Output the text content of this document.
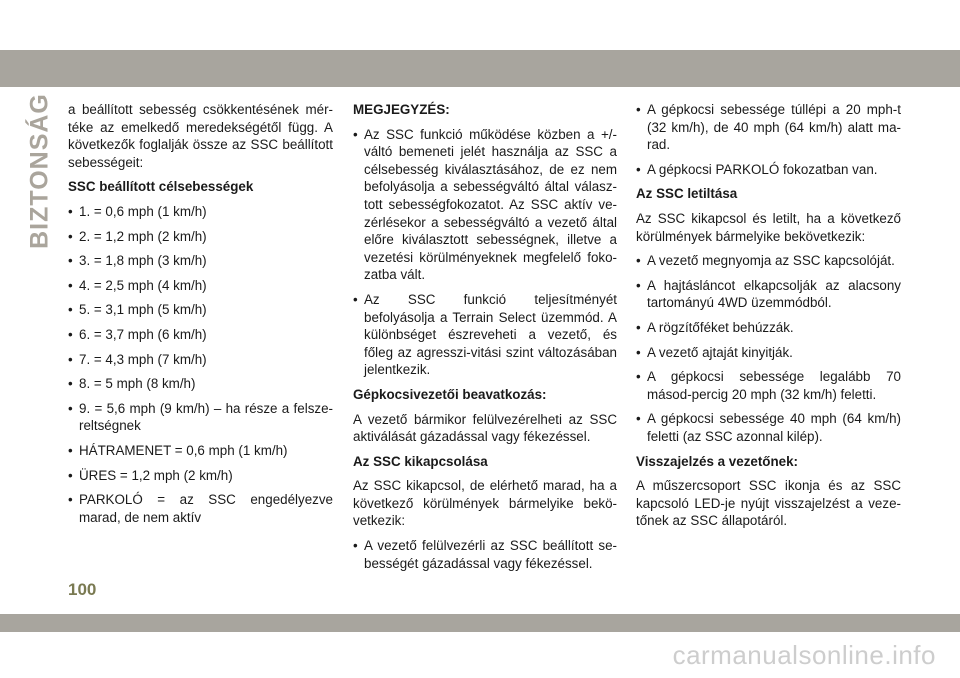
BIZTONSÁG a beállított sebesség csökkentésének mér-téke az emelkedő meredekségétől függ. A következők foglalják össze az SSC beállított sebességeit:

SSC beállított célsebességek

• 1. = 0,6 mph (1 km/h)

• 2. = 1,2 mph (2 km/h)

• 3. = 1,8 mph (3 km/h)

• 4. = 2,5 mph (4 km/h)

• 5. = 3,1 mph (5 km/h)

• 6. = 3,7 mph (6 km/h)

• 7. = 4,3 mph (7 km/h)

• 8. = 5 mph (8 km/h)

• 9. = 5,6 mph (9 km/h) – ha része a felsze-reltségnek

• HÁTRAMENET = 0,6 mph (1 km/h)

• ÜRES = 1,2 mph (2 km/h)

• PARKOLÓ = az SSC engedélyezve marad, de nem aktív

MEGJEGYZÉS:

• Az SSC funkció működése közben a +/- váltó bemeneti jelét használja az SSC a célsebesség kiválasztásához, de ez nem befolyásolja a sebességváltó által válasz-tott sebességfokozatot. Az SSC aktív ve-zérlésekor a sebességváltó a vezető által előre kiválasztott sebességnek, illetve a vezetési körülményeknek megfelelő foko-zatba vált.

• Az SSC funkció teljesítményét befolyásolja a Terrain Select üzemmód. A különbséget észreveheti a vezető, és főleg az agresszi-vitási szint változásában jelentkezik.

Gépkocsivezetői beavatkozás:

A vezető bármikor felülvezérelheti az SSC aktiválását gázadással vagy fékezéssel.

Az SSC kikapcsolása

Az SSC kikapcsol, de elérhető marad, ha a következő körülmények bármelyike bekö-vetkezik:

• A vezető felülvezérli az SSC beállított se-bességét gázadással vagy fékezéssel.

• A gépkocsi sebessége túllépi a 20 mph-t (32 km/h), de 40 mph (64 km/h) alatt ma-rad.

• A gépkocsi PARKOLÓ fokozatban van.

Az SSC letiltása

Az SSC kikapcsol és letilt, ha a következő körülmények bármelyike bekövetkezik:

• A vezető megnyomja az SSC kapcsolóját.

• A hajtásláncot elkapcsolják az alacsony tartományú 4WD üzemmódból.

• A rögzítőféket behúzzák.

• A vezető ajtaját kinyitják.

• A gépkocsi sebessége legalább 70 másod-percig 20 mph (32 km/h) feletti.

• A gépkocsi sebessége 40 mph (64 km/h) feletti (az SSC azonnal kilép).

Visszajelzés a vezetőnek:

A műszercsoport SSC ikonja és az SSC kapcsoló LED-je nyújt visszajelzést a veze-tőnek az SSC állapotáról.

100
carmanualsonline.info
